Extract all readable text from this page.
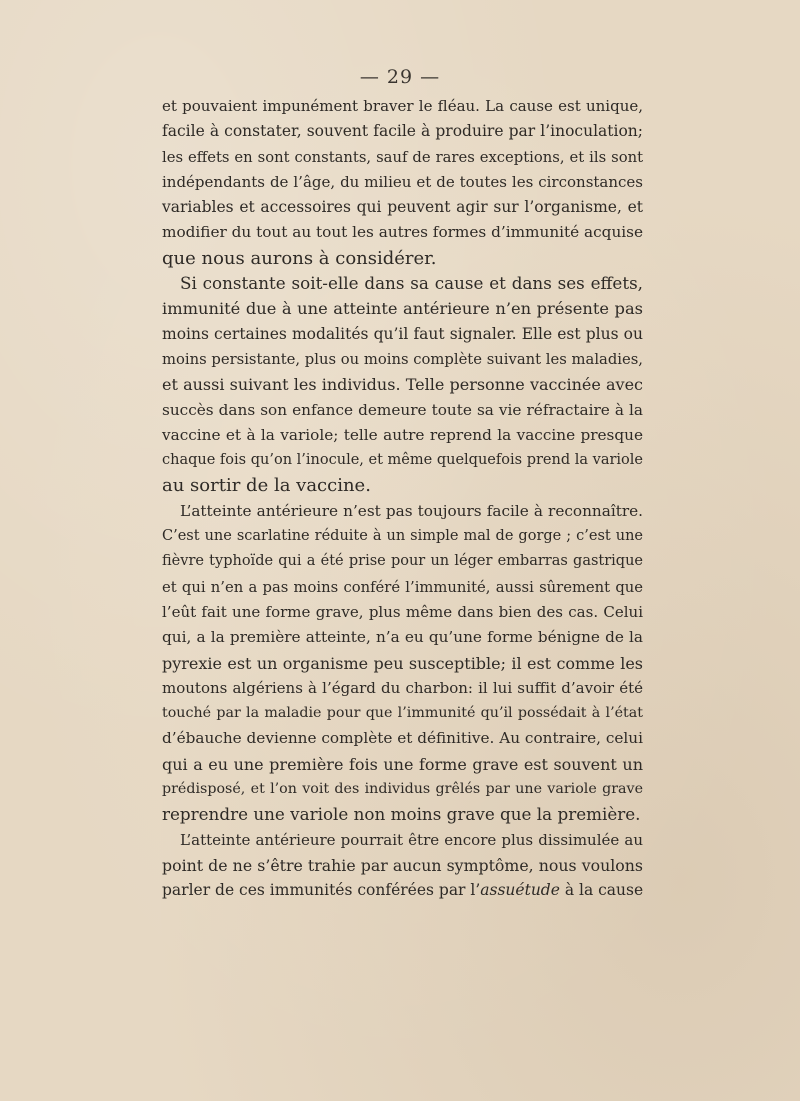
— 29 —
et pouvaient impunément braver le fléau. La cause est unique,
facile à constater, souvent facile à produire par l’inoculation;
les effets en sont constants, sauf de rares exceptions, et ils sont
indépendants de l’âge, du milieu et de toutes les circonstances
variables et accessoires qui peuvent agir sur l’organisme, et
modifier du tout au tout les autres formes d’immunité acquise
que nous aurons à considérer.
Si constante soit-elle dans sa cause et dans ses effets,
immunité due à une atteinte antérieure n’en présente pas
moins certaines modalités qu’il faut signaler. Elle est plus ou
moins persistante, plus ou moins complète suivant les maladies,
et aussi suivant les individus. Telle personne vaccinée avec
succès dans son enfance demeure toute sa vie réfractaire à la
vaccine et à la variole; telle autre reprend la vaccine presque
chaque fois qu’on l’inocule, et même quelquefois prend la variole
au sortir de la vaccine.
L’atteinte antérieure n’est pas toujours facile à reconnaître.
C’est une scarlatine réduite à un simple mal de gorge ; c’est une
fièvre typhoïde qui a été prise pour un léger embarras gastrique
et qui n’en a pas moins conféré l’immunité, aussi sûrement que
l’eût fait une forme grave, plus même dans bien des cas. Celui
qui, a la première atteinte, n’a eu qu’une forme bénigne de la
pyrexie est un organisme peu susceptible; il est comme les
moutons algériens à l’égard du charbon: il lui suffit d’avoir été
touché par la maladie pour que l’immunité qu’il possédait à l’état
d’ébauche devienne complète et définitive. Au contraire, celui
qui a eu une première fois une forme grave est souvent un
prédisposé, et l’on voit des individus grêlés par une variole grave
reprendre une variole non moins grave que la première.
L’atteinte antérieure pourrait être encore plus dissimulée au
point de ne s’être trahie par aucun symptôme, nous voulons
parler de ces immunités conférées par l’assuétude à la cause
